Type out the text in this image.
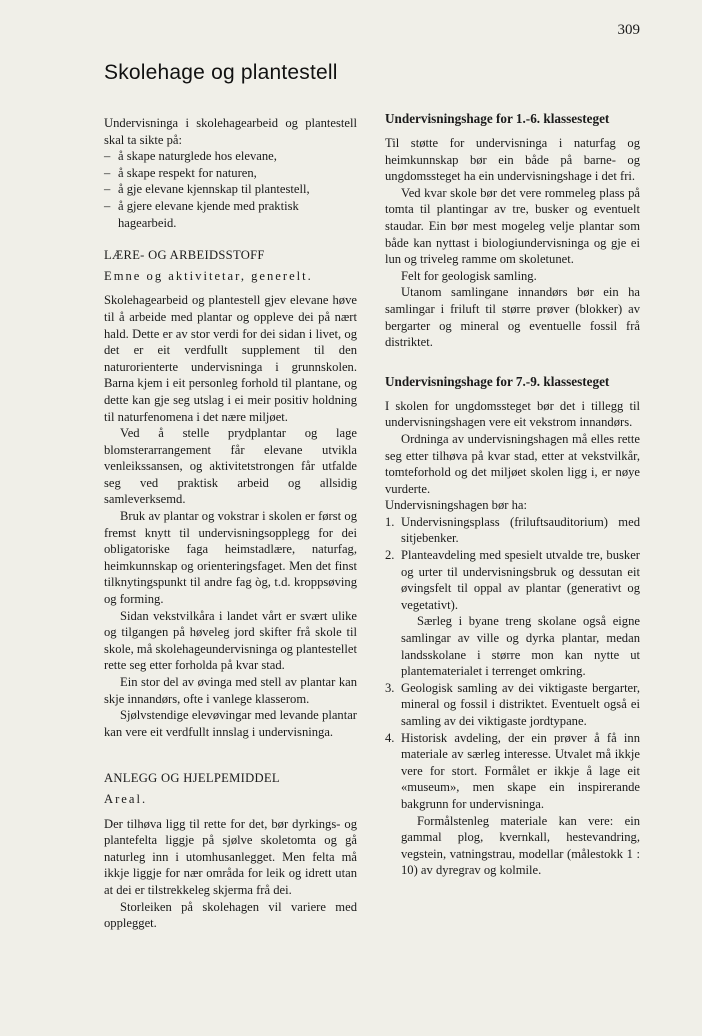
309
Skolehage og plantestell

Undervisninga i skolehagearbeid og plantestell skal ta sikte på:

– å skape naturglede hos elevane,
– å skape respekt for naturen,
– å gje elevane kjennskap til plantestell,
– å gjere elevane kjende med praktisk hagearbeid.
LÆRE- OG ARBEIDSSTOFF
Emne og aktivitetar, generelt.

Skolehagearbeid og plantestell gjev elevane høve til å arbeide med plantar og oppleve dei på nært hald. Dette er av stor verdi for dei sidan i livet, og det er eit verdfullt supplement til den naturorienterte undervisninga i grunnskolen. Barna kjem i eit personleg forhold til plantane, og dette kan gje seg utslag i ei meir positiv holdning til naturfenomena i det nære miljøet.

Ved å stelle prydplantar og lage blomsterarrangement får elevane utvikla venleikssansen, og aktivitetstrongen får utfalde seg ved praktisk arbeid og allsidig samleverksemd.

Bruk av plantar og vokstrar i skolen er først og fremst knytt til undervisningsopplegg for dei obligatoriske faga heimstadlære, naturfag, heimkunnskap og orienteringsfaget. Men det finst tilknytingspunkt til andre fag òg, t.d. kroppsøving og forming.

Sidan vekstvilkåra i landet vårt er svært ulike og tilgangen på høveleg jord skifter frå skole til skole, må skolehageundervisninga og plantestellet rette seg etter forholda på kvar stad.

Ein stor del av øvinga med stell av plantar kan skje innandørs, ofte i vanlege klasserom.

Sjølvstendige elevøvingar med levande plantar kan vere eit verdfullt innslag i undervisninga.

ANLEGG OG HJELPEMIDDEL
Areal.

Der tilhøva ligg til rette for det, bør dyrkings- og plantefelta liggje på sjølve skoletomta og gå naturleg inn i utomhusanlegget. Men felta må ikkje liggje for nær områda for leik og idrett utan at dei er tilstrekkeleg skjerma frå dei.

Storleiken på skolehagen vil variere med opplegget.

Undervisningshage for 1.-6. klassesteget

Til støtte for undervisninga i naturfag og heimkunnskap bør ein både på barne- og ungdomssteget ha ein undervisningshage i det fri.

Ved kvar skole bør det vere rommeleg plass på tomta til plantingar av tre, busker og eventuelt staudar. Ein bør mest mogeleg velje plantar som både kan nyttast i biologiundervisninga og gje ei lun og triveleg ramme om skoletunet.

Felt for geologisk samling.

Utanom samlingane innandørs bør ein ha samlingar i friluft til større prøver (blokker) av bergarter og mineral og eventuelle fossil frå distriktet.

Undervisningshage for 7.-9. klassesteget

I skolen for ungdomssteget bør det i tillegg til undervisningshagen vere eit vekstrom innandørs.

Ordninga av undervisningshagen må elles rette seg etter tilhøva på kvar stad, etter at vekstvilkår, tomteforhold og det miljøet skolen ligg i, er nøye vurderte.

Undervisningshagen bør ha:

1. Undervisningsplass (friluftsauditorium) med sitjebenker.

2. Planteavdeling med spesielt utvalde tre, busker og urter til undervisningsbruk og dessutan eit øvingsfelt til oppal av plantar (generativt og vegetativt).

Særleg i byane treng skolane også eigne samlingar av ville og dyrka plantar, medan landsskolane i større mon kan nytte ut plantematerialet i terrenget omkring.

3. Geologisk samling av dei viktigaste bergarter, mineral og fossil i distriktet. Eventuelt også ei samling av dei viktigaste jordtypane.

4. Historisk avdeling, der ein prøver å få inn materiale av særleg interesse. Utvalet må ikkje vere for stort. Formålet er ikkje å lage eit «museum», men skape ein inspirerande bakgrunn for undervisninga.

Formålstenleg materiale kan vere: ein gammal plog, kvernkall, hestevandring, vegstein, vatningstrau, modellar (målestokk 1 : 10) av dyregrav og kolmile.
